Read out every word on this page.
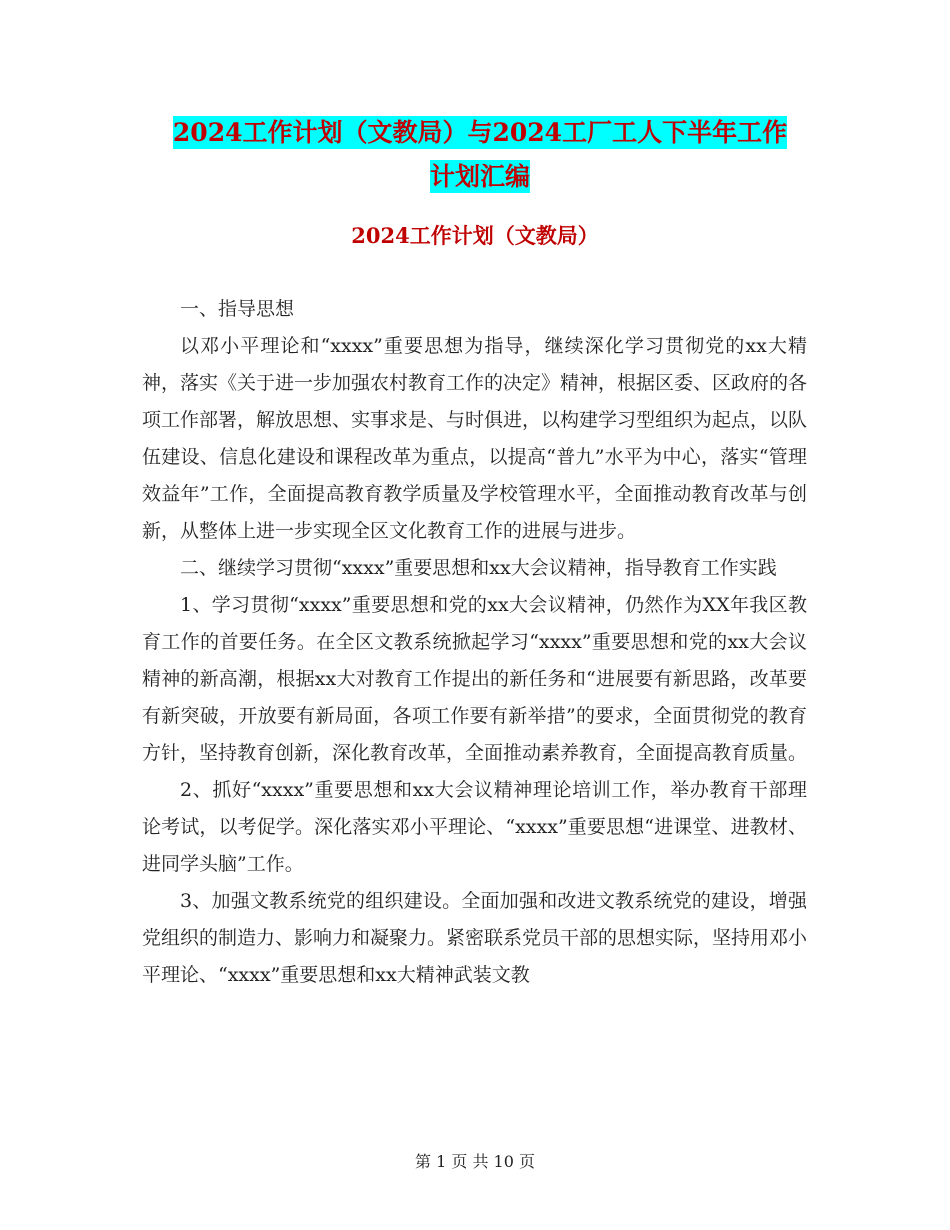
2024工作计划（文教局）与2024工厂工人下半年工作
计划汇编
2024工作计划（文教局）

一、指导思想

以邓小平理论和“xxxx”重要思想为指导，继续深化学习贯彻党的xx大精神，落实《关于进一步加强农村教育工作的决定》精神，根据区委、区政府的各项工作部署，解放思想、实事求是、与时俱进，以构建学习型组织为起点，以队伍建设、信息化建设和课程改革为重点，以提高“普九”水平为中心，落实“管理效益年”工作，全面提高教育教学质量及学校管理水平，全面推动教育改革与创新，从整体上进一步实现全区文化教育工作的进展与进步。

二、继续学习贯彻“xxxx”重要思想和xx大会议精神，指导教育工作实践

1、学习贯彻“xxxx”重要思想和党的xx大会议精神，仍然作为XX年我区教育工作的首要任务。在全区文教系统掀起学习“xxxx”重要思想和党的xx大会议精神的新高潮，根据xx大对教育工作提出的新任务和“进展要有新思路，改革要有新突破，开放要有新局面，各项工作要有新举措”的要求，全面贯彻党的教育方针，坚持教育创新，深化教育改革，全面推动素养教育，全面提高教育质量。

2、抓好“xxxx”重要思想和xx大会议精神理论培训工作，举办教育干部理论考试，以考促学。深化落实邓小平理论、“xxxx”重要思想“进课堂、进教材、进同学头脑”工作。

3、加强文教系统党的组织建设。全面加强和改进文教系统党的建设，增强党组织的制造力、影响力和凝聚力。紧密联系党员干部的思想实际，坚持用邓小平理论、“xxxx”重要思想和xx大精神武装文教

第 1 页 共 10 页
